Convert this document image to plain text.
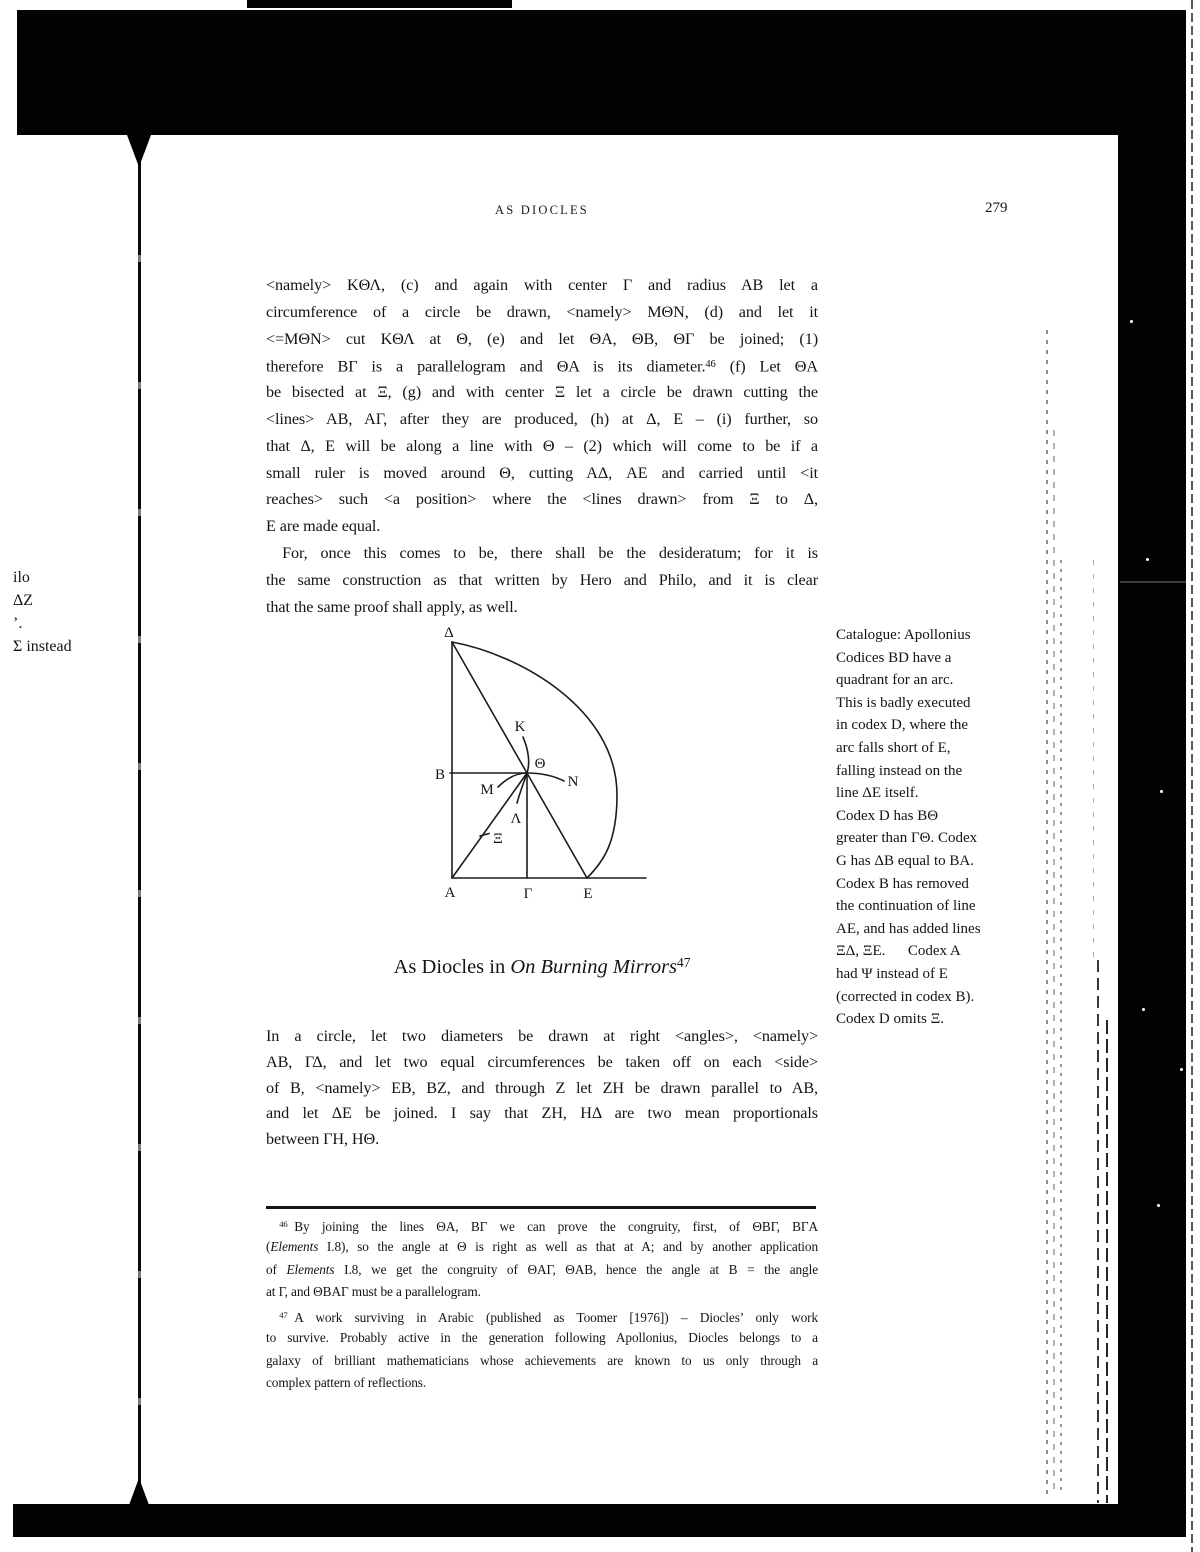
AS DIOCLES	279
ilo
ΔZ
’.
Σ instead
<namely> KΘΛ, (c) and again with center Γ and radius AB let a
circumference of a circle be drawn, <namely> MΘN, (d) and let it
<=MΘN> cut KΘΛ at Θ, (e) and let ΘA, ΘB, ΘΓ be joined; (1)
therefore BΓ is a parallelogram and ΘA is its diameter.$^{46}$ (f) Let ΘA
be bisected at Ξ, (g) and with center Ξ let a circle be drawn cutting the
<lines> AB, AΓ, after they are produced, (h) at Δ, E – (i) further, so
that Δ, E will be along a line with Θ – (2) which will come to be if a
small ruler is moved around Θ, cutting AΔ, AE and carried until <it
reaches> such <a position> where the <lines drawn> from Ξ to Δ,
E are made equal.
 For, once this comes to be, there shall be the desideratum; for it is
the same construction as that written by Hero and Philo, and it is clear
that the same proof shall apply, as well.
Δ
K
Θ
B
M	N
Λ
Ξ
A	Γ	E
Catalogue: Apollonius
Codices BD have a
quadrant for an arc.
This is badly executed
in codex D, where the
arc falls short of E,
falling instead on the
line ΔE itself.
Codex D has BΘ
greater than ΓΘ. Codex
G has ΔB equal to BA.
Codex B has removed
the continuation of line
AE, and has added lines
ΞΔ, ΞE.   Codex A
had Ψ instead of E
(corrected in codex B).
Codex D omits Ξ.
As Diocles in On Burning Mirrors$^{47}$
In a circle, let two diameters be drawn at right <angles>, <namely>
AB, ΓΔ, and let two equal circumferences be taken off on each <side>
of B, <namely> EB, BZ, and through Z let ZH be drawn parallel to AB,
and let ΔE be joined. I say that ZH, HΔ are two mean proportionals
between ΓH, HΘ.
 $^{46}$ By joining the lines ΘA, BΓ we can prove the congruity, first, of ΘBΓ, BΓA
(Elements I.8), so the angle at Θ is right as well as that at A; and by another application
of Elements I.8, we get the congruity of ΘAΓ, ΘAB, hence the angle at B = the angle
at Γ, and ΘBAΓ must be a parallelogram.
 $^{47}$ A work surviving in Arabic (published as Toomer [1976]) – Diocles’ only work
to survive. Probably active in the generation following Apollonius, Diocles belongs to a
galaxy of brilliant mathematicians whose achievements are known to us only through a
complex pattern of reflections.
